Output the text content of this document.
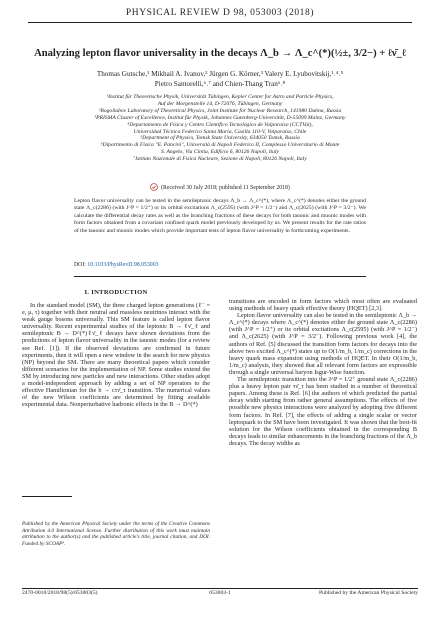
PHYSICAL REVIEW D 98, 053003 (2018)
Analyzing lepton flavor universality in the decays Λ_b → Λ_c^(*)(½±, 3/2−) + ℓν̄_ℓ
Thomas Gutsche,¹ Mikhail A. Ivanov,² Jürgen G. Körner,³ Valery E. Lyubovitskij,¹˒⁴˒⁵
Pietro Santorelli,⁶˒⁷ and Chien-Thang Tran⁶˒⁸
¹Institut für Theoretische Physik, Universität Tübingen, Kepler Center for Astro and Particle Physics,
Auf der Morgenstelle 14, D-72076, Tübingen, Germany
²Bogoliubov Laboratory of Theoretical Physics, Joint Institute for Nuclear Research, 141980 Dubna, Russia
³PRISMA Cluster of Excellence, Institut für Physik, Johannes Gutenberg-Universität, D-55099 Mainz, Germany
⁴Departamento de Física y Centro Científico Tecnológico de Valparaíso (CCTVal),
Universidad Técnica Federico Santa María, Casilla 110-V, Valparaíso, Chile
⁵Department of Physics, Tomsk State University, 634050 Tomsk, Russia
⁶Dipartimento di Fisica "E. Pancini", Università di Napoli Federico II, Complesso Universitario di Monte
S. Angelo, Via Cintia, Edificio 6, 80126 Napoli, Italy
⁷Istituto Nazionale di Fisica Nucleare, Sezione di Napoli, 80126 Napoli, Italy
(Received 30 July 2018; published 11 September 2018)
Lepton flavor universality can be tested in the semileptonic decays Λ_b → Λ_c^(*), where Λ_c^(*) denotes either the ground state Λ_c(2286) (with J^P = 1/2⁺) or its orbital excitations Λ_c(2595) (with J^P = 1/2⁻) and Λ_c(2625) (with J^P = 3/2⁻). We calculate the differential decay rates as well as the branching fractions of these decays for both tauonic and muonic modes with form factors obtained from a covariant confined quark model previously developed by us. We present results for the rate ratios of the tauonic and muonic modes which provide important tests of lepton flavor universality in forthcoming experiments.
DOI: 10.1103/PhysRevD.98.053003
I. INTRODUCTION

In the standard model (SM), the three charged lepton generations (ℓ⁻ = e, μ, τ) together with their neutral and massless neutrinos interact with the weak gauge bosons universally. This SM feature is called lepton flavor universality. Recent experimental studies of the leptonic B → ℓν̄_ℓ and semileptonic B → D^(*)ℓν̄_ℓ decays have shown deviations from the predictions of lepton flavor universality in the tauonic modes (for a review see Ref. [1]). If the observed deviations are confirmed in future experiments, then it will open a new window in the search for new physics (NP) beyond the SM. There are many theoretical papers which consider different scenarios for the implementation of NP. Some studies extend the SM by introducing new particles and new interactions. Other studies adopt a model-independent approach by adding a set of NP operators to the effective Hamiltonian for the b → cτν̄_τ transition. The numerical values of the new Wilson coefficients are determined by fitting available experimental data. Nonperturbative hadronic effects in the B → D^(*)

transitions are encoded in form factors which most often are evaluated using methods of heavy quark effective theory (HQET) [2,3].

Lepton flavor universality can also be tested in the semileptonic Λ_b → Λ_c^(*) decays where Λ_c^(*) denotes either the ground state Λ_c(2286) (with J^P = 1/2⁺) or its orbital excitations Λ_c(2595) (with J^P = 1/2⁻) and Λ_c(2625) (with J^P = 3/2⁻). Following previous work [4], the authors of Ref. [5] discussed the transition form factors for decays into the above two excited Λ_c^(*) states up to O(1/m_b, 1/m_c) corrections in the heavy quark mass expansion using methods of HQET. In their O(1/m_b, 1/m_c) analysis, they showed that all relevant form factors are expressible through a single universal baryon Isgur-Wise function.

The semileptonic transition into the J^P = 1/2⁺ ground state Λ_c(2286) plus a heavy lepton pair τν̄_τ has been studied in a number of theoretical papers. Among these is Ref. [6] the authors of which predicted the partial decay width starting from rather general assumptions. The effects of five possible new physics interactions were analyzed by adopting five different form factors. In Ref. [7], the effects of adding a single scalar or vector leptoquark to the SM have been investigated. It was shown that the best-fit solution for the Wilson coefficients obtained in the corresponding B decays leads to similar enhancements in the branching fractions of the Λ_b decays. The decay widths as

Published by the American Physical Society under the terms of the Creative Commons Attribution 4.0 International license. Further distribution of this work must maintain attribution to the author(s) and the published article's title, journal citation, and DOI. Funded by SCOAP³.
2470-0010/2018/98(5)/053003(5)	053003-1	Published by the American Physical Society
